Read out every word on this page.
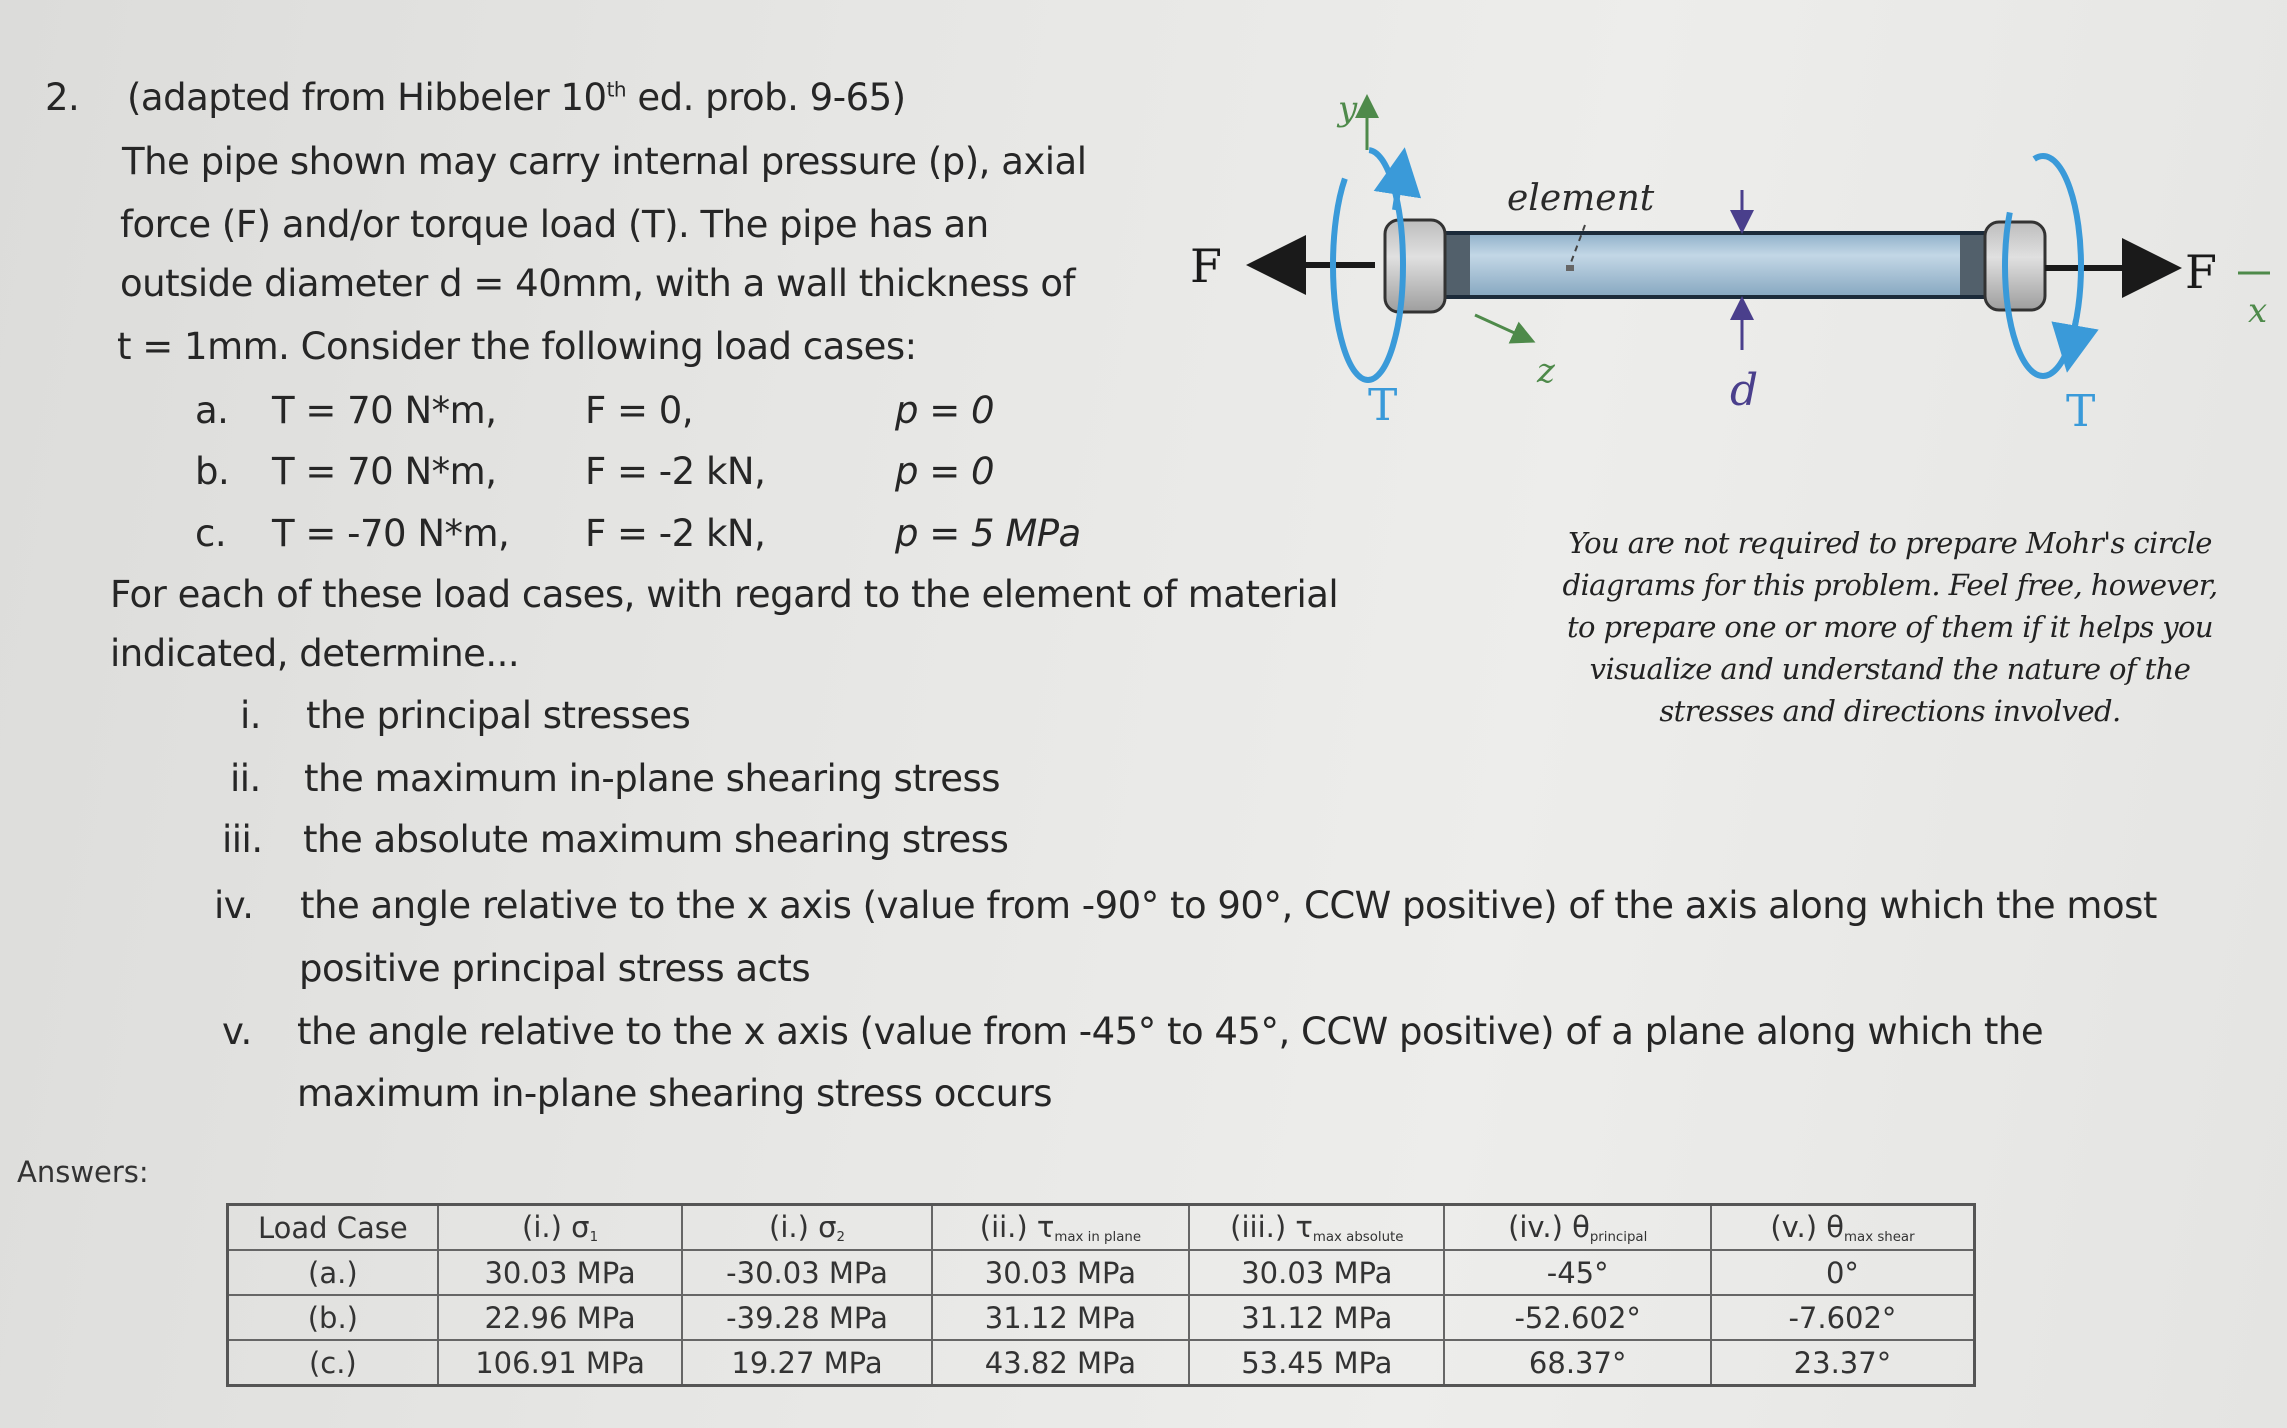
2. (adapted from Hibbeler 10th ed. prob. 9-65)
The pipe shown may carry internal pressure (p), axial
force (F) and/or torque load (T). The pipe has an
outside diameter d = 40mm, with a wall thickness of
t = 1mm. Consider the following load cases:
a. T = 70 N*m, F = 0,	p = 0
b. T = 70 N*m, F = -2 kN,	p = 0
c. T = -70 N*m, F = -2 kN,	p = 5 MPa
For each of these load cases, with regard to the element of material
indicated, determine...
i. the principal stresses
ii. the maximum in-plane shearing stress
iii. the absolute maximum shearing stress
iv. the angle relative to the x axis (value from -90° to 90°, CCW positive) of the axis along which the most
positive principal stress acts
v. the angle relative to the x axis (value from -45° to 45°, CCW positive) of a plane along which the
maximum in-plane shearing stress occurs
y
F	F
x
z
element
T	T
d
You are not required to prepare Mohr's circle
diagrams for this problem. Feel free, however,
to prepare one or more of them if it helps you
visualize and understand the nature of the
stresses and directions involved.
Answers:
Load Case	(i.) $\sigma_1$	(i.) $\sigma_2$	(ii.) $\tau_{max in plane}$	(iii.) $\tau_{max absolute}$	(iv.) $\theta_{principal}$	(v.) $\theta_{max shear}$
(a.)	30.03 MPa	-30.03 MPa	30.03 MPa	30.03 MPa	-45°	0°
(b.)	22.96 MPa	-39.28 MPa	31.12 MPa	31.12 MPa	-52.602°	-7.602°
(c.)	106.91 MPa	19.27 MPa	43.82 MPa	53.45 MPa	68.37°	23.37°
